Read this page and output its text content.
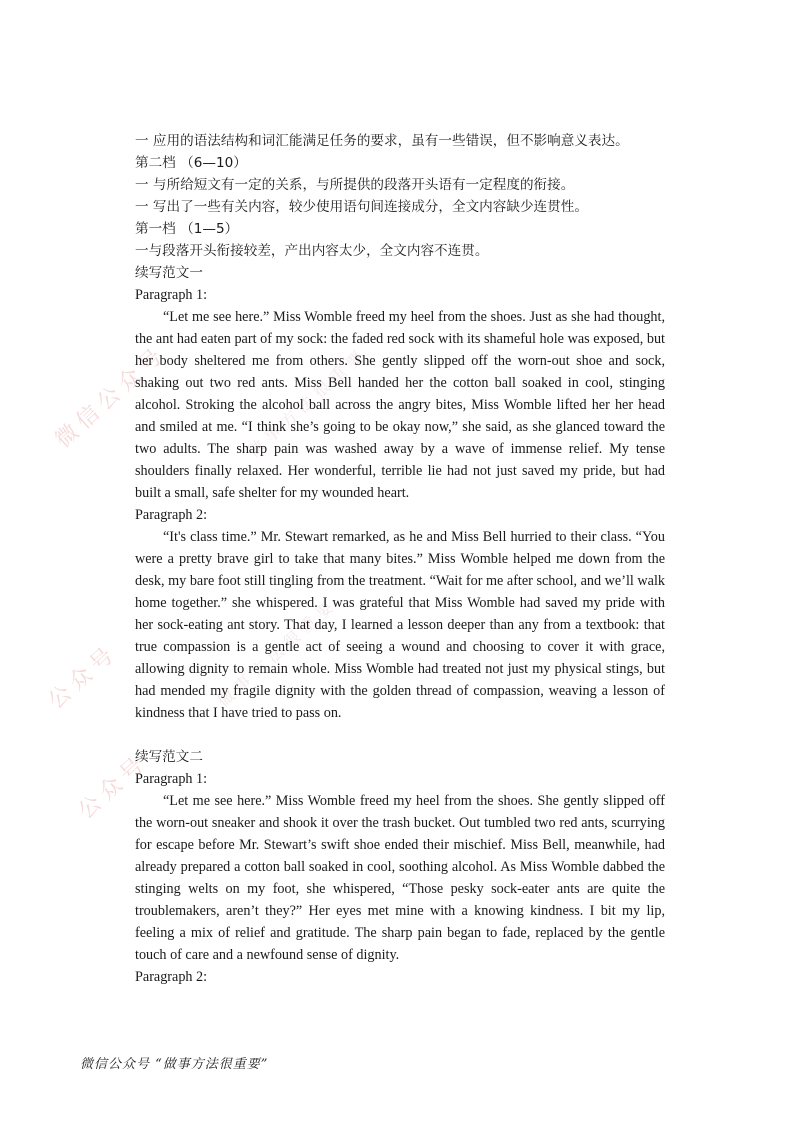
微信公众号	做事方法很重要
公众号	做事方法很重要
公众号
一 应用的语法结构和词汇能满足任务的要求，虽有一些错误，但不影响意义表达。
第二档 （6—10）
一 与所给短文有一定的关系，与所提供的段落开头语有一定程度的衔接。
一 写出了一些有关内容，较少使用语句间连接成分，全文内容缺少连贯性。
第一档 （1—5）
一与段落开头衔接较差，产出内容太少，全文内容不连贯。
续写范文一
Paragraph 1:

“Let me see here.” Miss Womble freed my heel from the shoes. Just as she had thought, the ant had eaten part of my sock: the faded red sock with its shameful hole was exposed, but her body sheltered me from others. She gently slipped off the worn-out shoe and sock, shaking out two red ants. Miss Bell handed her the cotton ball soaked in cool, stinging alcohol. Stroking the alcohol ball across the angry bites, Miss Womble lifted her her head and smiled at me. “I think she’s going to be okay now,” she said, as she glanced toward the two adults. The sharp pain was washed away by a wave of immense relief. My tense shoulders finally relaxed. Her wonderful, terrible lie had not just saved my pride, but had built a small, safe shelter for my wounded heart.

Paragraph 2:

“It's class time.” Mr. Stewart remarked, as he and Miss Bell hurried to their class. “You were a pretty brave girl to take that many bites.” Miss Womble helped me down from the desk, my bare foot still tingling from the treatment. “Wait for me after school, and we’ll walk home together.” she whispered. I was grateful that Miss Womble had saved my pride with her sock-eating ant story. That day, I learned a lesson deeper than any from a textbook: that true compassion is a gentle act of seeing a wound and choosing to cover it with grace, allowing dignity to remain whole. Miss Womble had treated not just my physical stings, but had mended my fragile dignity with the golden thread of compassion, weaving a lesson of kindness that I have tried to pass on.

续写范文二
Paragraph 1:

“Let me see here.” Miss Womble freed my heel from the shoes. She gently slipped off the worn-out sneaker and shook it over the trash bucket. Out tumbled two red ants, scurrying for escape before Mr. Stewart’s swift shoe ended their mischief. Miss Bell, meanwhile, had already prepared a cotton ball soaked in cool, soothing alcohol. As Miss Womble dabbed the stinging welts on my foot, she whispered, “Those pesky sock-eater ants are quite the troublemakers, aren’t they?” Her eyes met mine with a knowing kindness. I bit my lip, feeling a mix of relief and gratitude. The sharp pain began to fade, replaced by the gentle touch of care and a newfound sense of dignity.

Paragraph 2:
微信公众号 “做事方法很重要”
